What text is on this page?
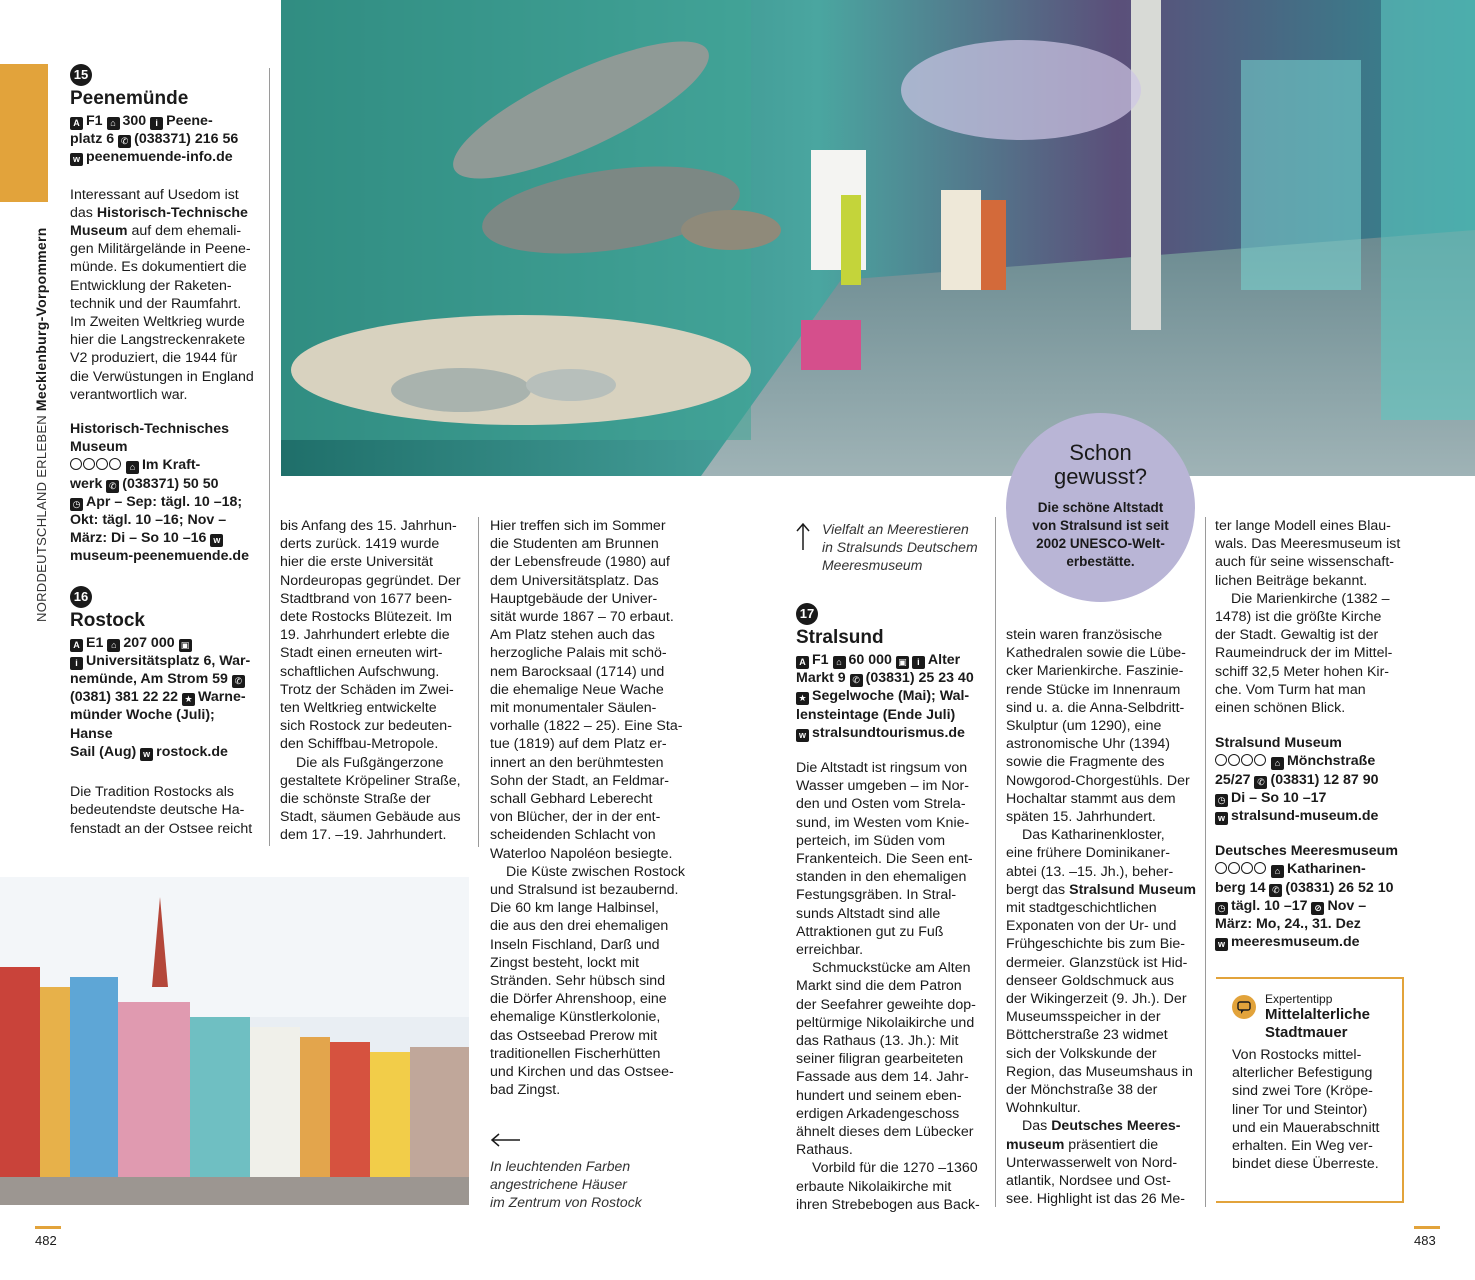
NORDDEUTSCHLAND ERLEBEN Mecklenburg-Vorpommern
15
Peenemünde
A F1 ⌂ 300 i Peene-
platz 6 ✆ (038371) 216 56
w peenemuende-info.de
Interessant auf Usedom ist
das Historisch-Technische
Museum auf dem ehemali-
gen Militärgelände in Peene-
münde. Es dokumentiert die
Entwicklung der Raketen-
technik und der Raumfahrt.
Im Zweiten Weltkrieg wurde
hier die Langstreckenrakete
V2 produziert, die 1944 für
die Verwüstungen in England
verantwortlich war.
Historisch-Technisches
Museum
⌂ Im Kraft-
werk ✆ (038371) 50 50
◷ Apr – Sep: tägl. 10 –18;
Okt: tägl. 10 –16; Nov –
März: Di – So 10 –16 w
museum-peenemuende.de
16
Rostock
A E1 ⌂ 207 000 ▣
i Universitätsplatz 6, War-
nemünde, Am Strom 59 ✆
(0381) 381 22 22 ★ Warne-
münder Woche (Juli); Hanse
Sail (Aug) w rostock.de
Die Tradition Rostocks als
bedeutendste deutsche Ha-
fenstadt an der Ostsee reicht
bis Anfang des 15. Jahrhun-
derts zurück. 1419 wurde
hier die erste Universität
Nordeuropas gegründet. Der
Stadtbrand von 1677 been-
dete Rostocks Blütezeit. Im
19. Jahrhundert erlebte die
Stadt einen erneuten wirt-
schaftlichen Aufschwung.
Trotz der Schäden im Zwei-
ten Weltkrieg entwickelte
sich Rostock zur bedeuten-
den Schiffbau-Metropole.
Die als Fußgängerzone
gestaltete Kröpeliner Straße,
die schönste Straße der
Stadt, säumen Gebäude aus
dem 17. –19. Jahrhundert.
Hier treffen sich im Sommer
die Studenten am Brunnen
der Lebensfreude (1980) auf
dem Universitätsplatz. Das
Hauptgebäude der Univer-
sität wurde 1867 – 70 erbaut.
Am Platz stehen auch das
herzogliche Palais mit schö-
nem Barocksaal (1714) und
die ehemalige Neue Wache
mit monumentaler Säulen-
vorhalle (1822 – 25). Eine Sta-
tue (1819) auf dem Platz er-
innert an den berühmtesten
Sohn der Stadt, an Feldmar-
schall Gebhard Leberecht
von Blücher, der in der ent-
scheidenden Schlacht von
Waterloo Napoléon besiegte.
Die Küste zwischen Rostock
und Stralsund ist bezaubernd.
Die 60 km lange Halbinsel,
die aus den drei ehemaligen
Inseln Fischland, Darß und
Zingst besteht, lockt mit
Stränden. Sehr hübsch sind
die Dörfer Ahrenshoop, eine
ehemalige Künstlerkolonie,
das Ostseebad Prerow mit
traditionellen Fischerhütten
und Kirchen und das Ostsee-
bad Zingst.
Vielfalt an Meerestieren
in Stralsunds Deutschem
Meeresmuseum
In leuchtenden Farben
angestrichene Häuser
im Zentrum von Rostock
17
Stralsund
A F1 ⌂ 60 000 ▣ i Alter
Markt 9 ✆ (03831) 25 23 40
★ Segelwoche (Mai); Wal-
lensteintage (Ende Juli)
w stralsundtourismus.de
Die Altstadt ist ringsum von
Wasser umgeben – im Nor-
den und Osten vom Strela-
sund, im Westen vom Knie-
perteich, im Süden vom
Frankenteich. Die Seen ent-
standen in den ehemaligen
Festungsgräben. In Stral-
sunds Altstadt sind alle
Attraktionen gut zu Fuß
erreichbar.
Schmuckstücke am Alten
Markt sind die dem Patron
der Seefahrer geweihte dop-
peltürmige Nikolaikirche und
das Rathaus (13. Jh.): Mit
seiner filigran gearbeiteten
Fassade aus dem 14. Jahr-
hundert und seinem eben-
erdigen Arkadengeschoss
ähnelt dieses dem Lübecker
Rathaus.
Vorbild für die 1270 –1360
erbaute Nikolaikirche mit
ihren Strebebogen aus Back-
stein waren französische
Kathedralen sowie die Lübe-
cker Marienkirche. Faszinie-
rende Stücke im Innenraum
sind u. a. die Anna-Selbdritt-
Skulptur (um 1290), eine
astronomische Uhr (1394)
sowie die Fragmente des
Nowgorod-Chorgestühls. Der
Hochaltar stammt aus dem
späten 15. Jahrhundert.
Das Katharinenkloster,
eine frühere Dominikaner-
abtei (13. –15. Jh.), beher-
bergt das Stralsund Museum
mit stadtgeschichtlichen
Exponaten von der Ur- und
Frühgeschichte bis zum Bie-
dermeier. Glanzstück ist Hid-
denseer Goldschmuck aus
der Wikingerzeit (9. Jh.). Der
Museumsspeicher in der
Böttcherstraße 23 widmet
sich der Volkskunde der
Region, das Museumshaus in
der Mönchstraße 38 der
Wohnkultur.
Das Deutsches Meeres-
museum präsentiert die
Unterwasserwelt von Nord-
atlantik, Nordsee und Ost-
see. Highlight ist das 26 Me-
Schon
gewusst?
Die schöne Altstadt
von Stralsund ist seit
2002 UNESCO-Welt-
erbestätte.
ter lange Modell eines Blau-
wals. Das Meeresmuseum ist
auch für seine wissenschaft-
lichen Beiträge bekannt.
Die Marienkirche (1382 –
1478) ist die größte Kirche
der Stadt. Gewaltig ist der
Raumeindruck der im Mittel-
schiff 32,5 Meter hohen Kir-
che. Vom Turm hat man
einen schönen Blick.
Stralsund Museum
⌂ Mönchstraße
25/27 ✆ (03831) 12 87 90
◷ Di – So 10 –17
w stralsund-museum.de
Deutsches Meeresmuseum
⌂ Katharinen-
berg 14 ✆ (03831) 26 52 10
◷ tägl. 10 –17 ⊘ Nov –
März: Mo, 24., 31. Dez
w meeresmuseum.de
Expertentipp
Mittelalterliche
Stadtmauer
Von Rostocks mittel-
alterlicher Befestigung
sind zwei Tore (Kröpe-
liner Tor und Steintor)
und ein Mauerabschnitt
erhalten. Ein Weg ver-
bindet diese Überreste.
482	483
